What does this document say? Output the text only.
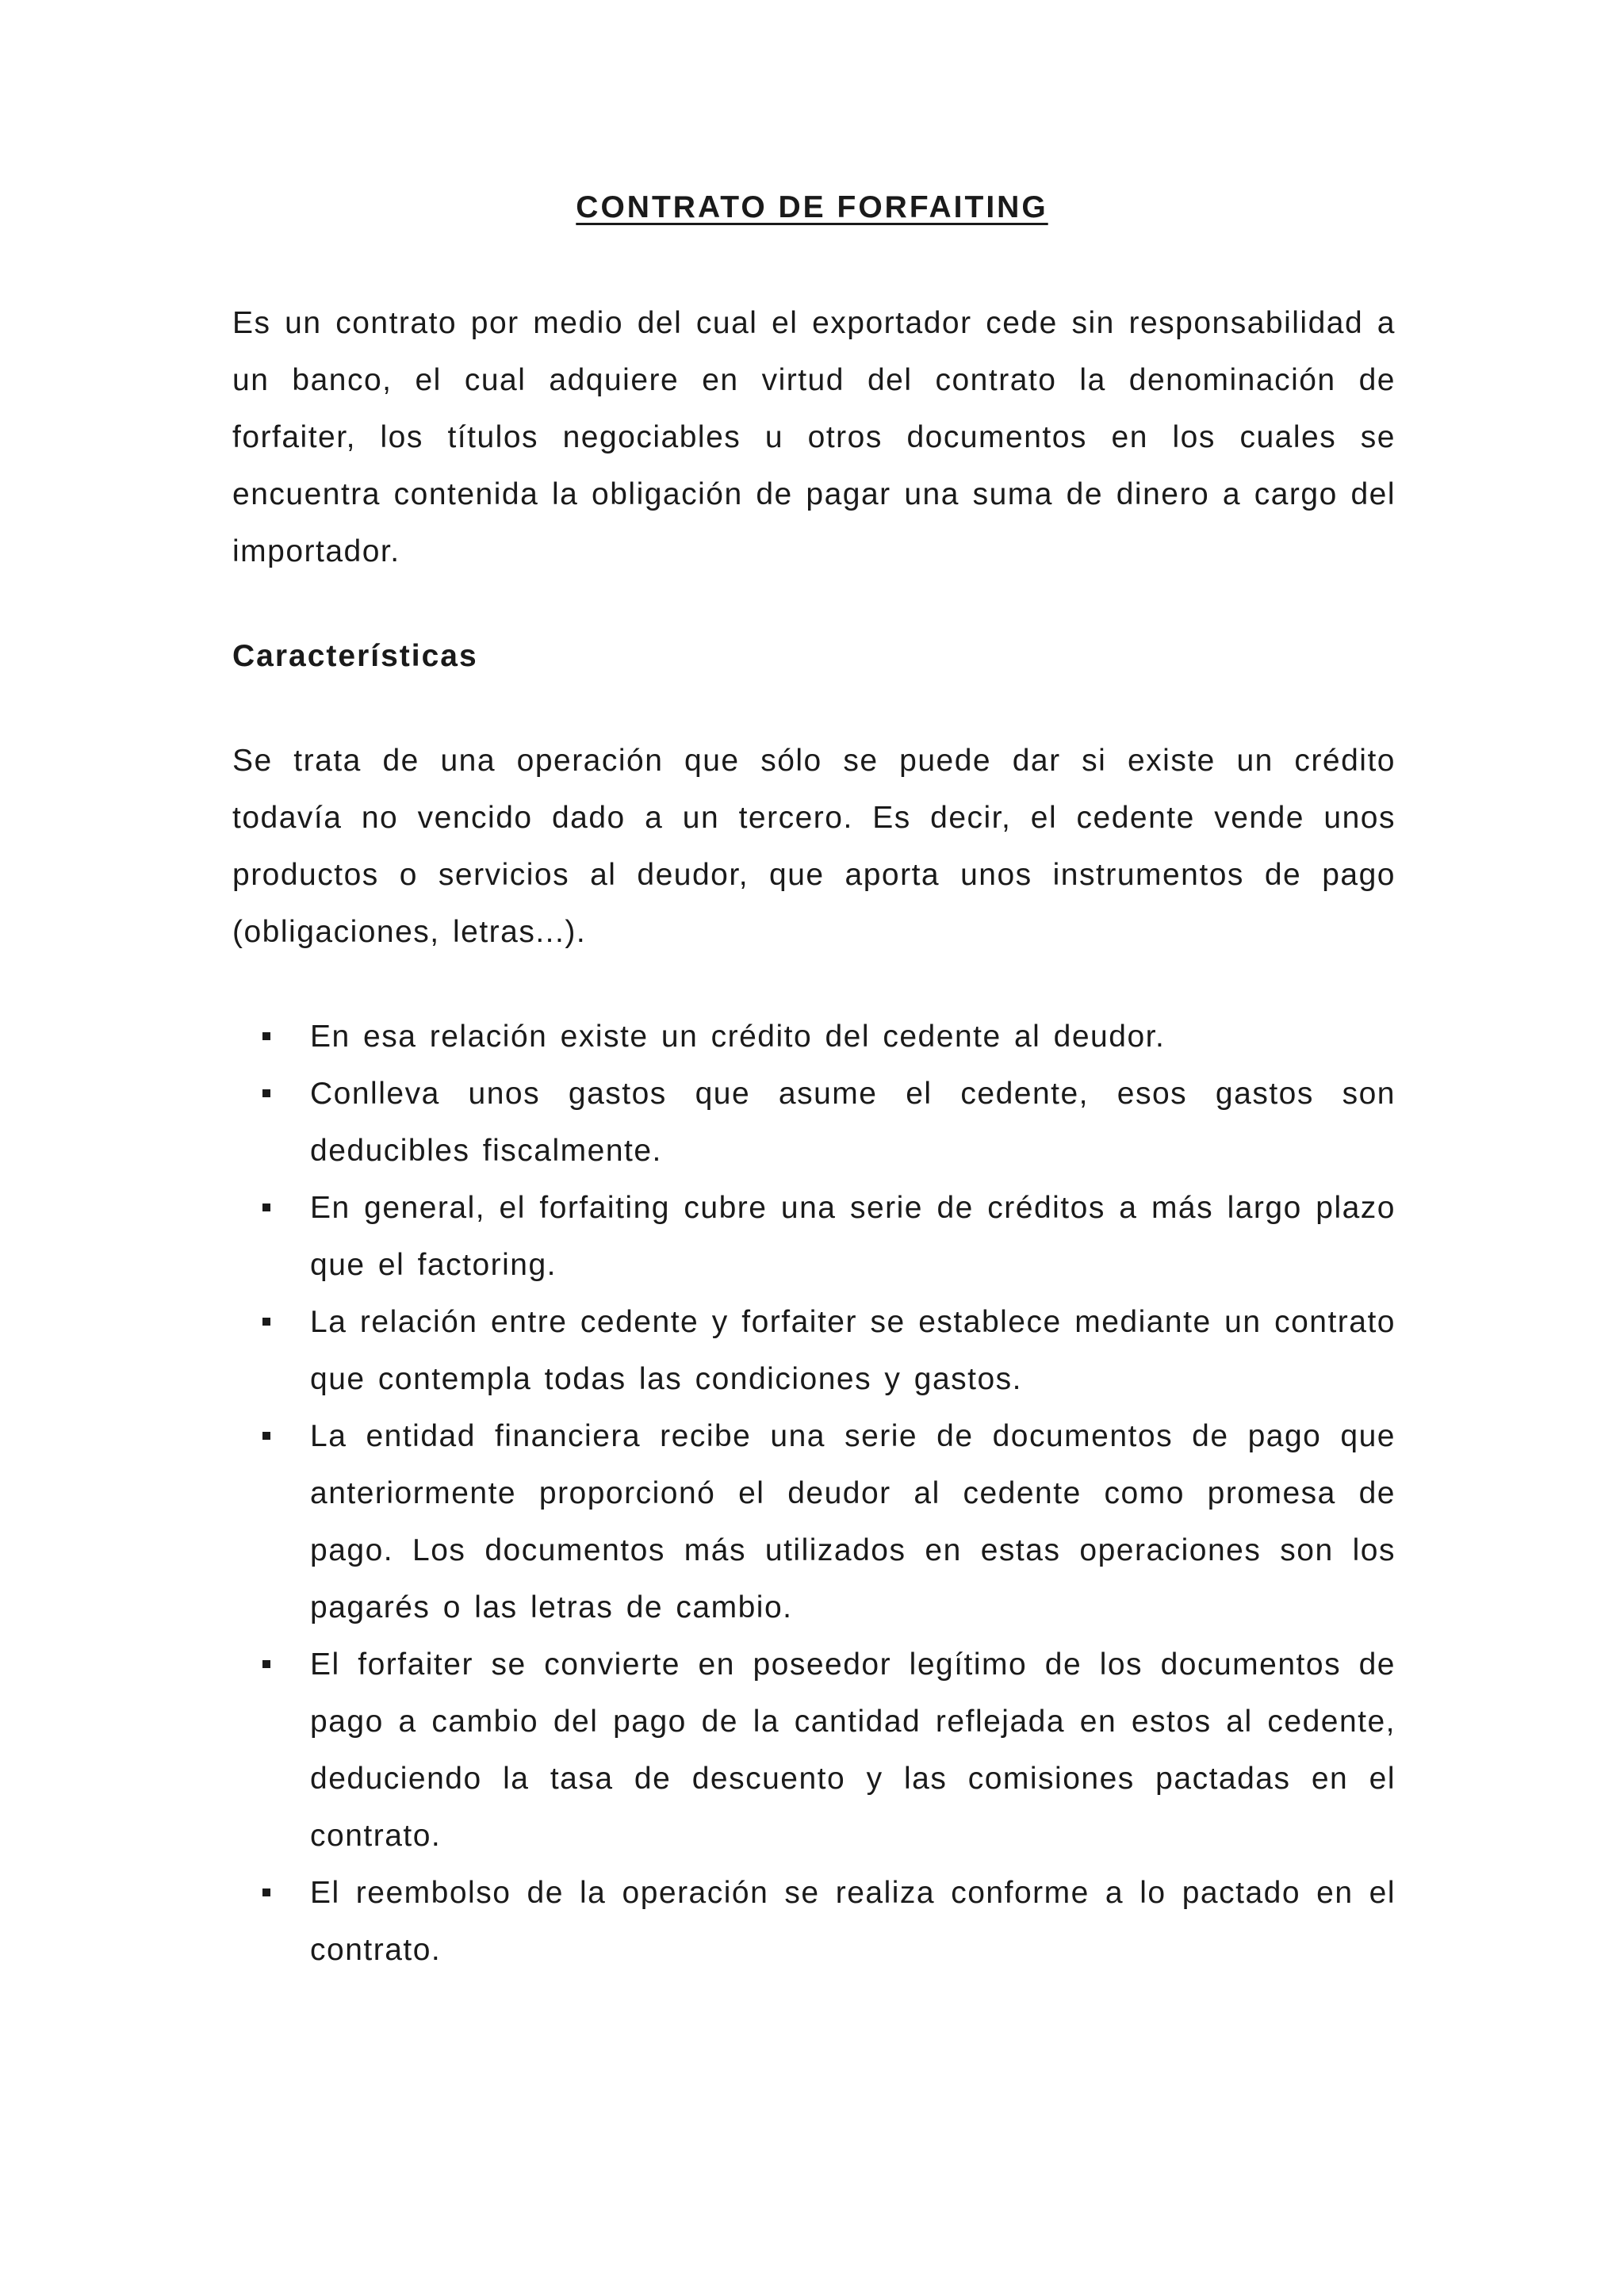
CONTRATO DE FORFAITING

Es un contrato por medio del cual el exportador cede sin responsabilidad a un banco, el cual adquiere en virtud del contrato la denominación de forfaiter, los títulos negociables u otros documentos en los cuales se encuentra contenida la obligación de pagar una suma de dinero a cargo del importador.

Características

Se trata de una operación que sólo se puede dar si existe un crédito todavía no vencido dado a un tercero. Es decir, el cedente vende unos productos o servicios al deudor, que aporta unos instrumentos de pago (obligaciones, letras...).

En esa relación existe un crédito del cedente al deudor.
Conlleva unos gastos que asume el cedente, esos gastos son deducibles fiscalmente.
En general, el forfaiting cubre una serie de créditos a más largo plazo que el factoring.
La relación entre cedente y forfaiter se establece mediante un contrato que contempla todas las condiciones y gastos.
La entidad financiera recibe una serie de documentos de pago que anteriormente proporcionó el deudor al cedente como promesa de pago. Los documentos más utilizados en estas operaciones son los pagarés o las letras de cambio.
El forfaiter se convierte en poseedor legítimo de los documentos de pago a cambio del pago de la cantidad reflejada en estos al cedente, deduciendo la tasa de descuento y las comisiones pactadas en el contrato.
El reembolso de la operación se realiza conforme a lo pactado en el contrato.
